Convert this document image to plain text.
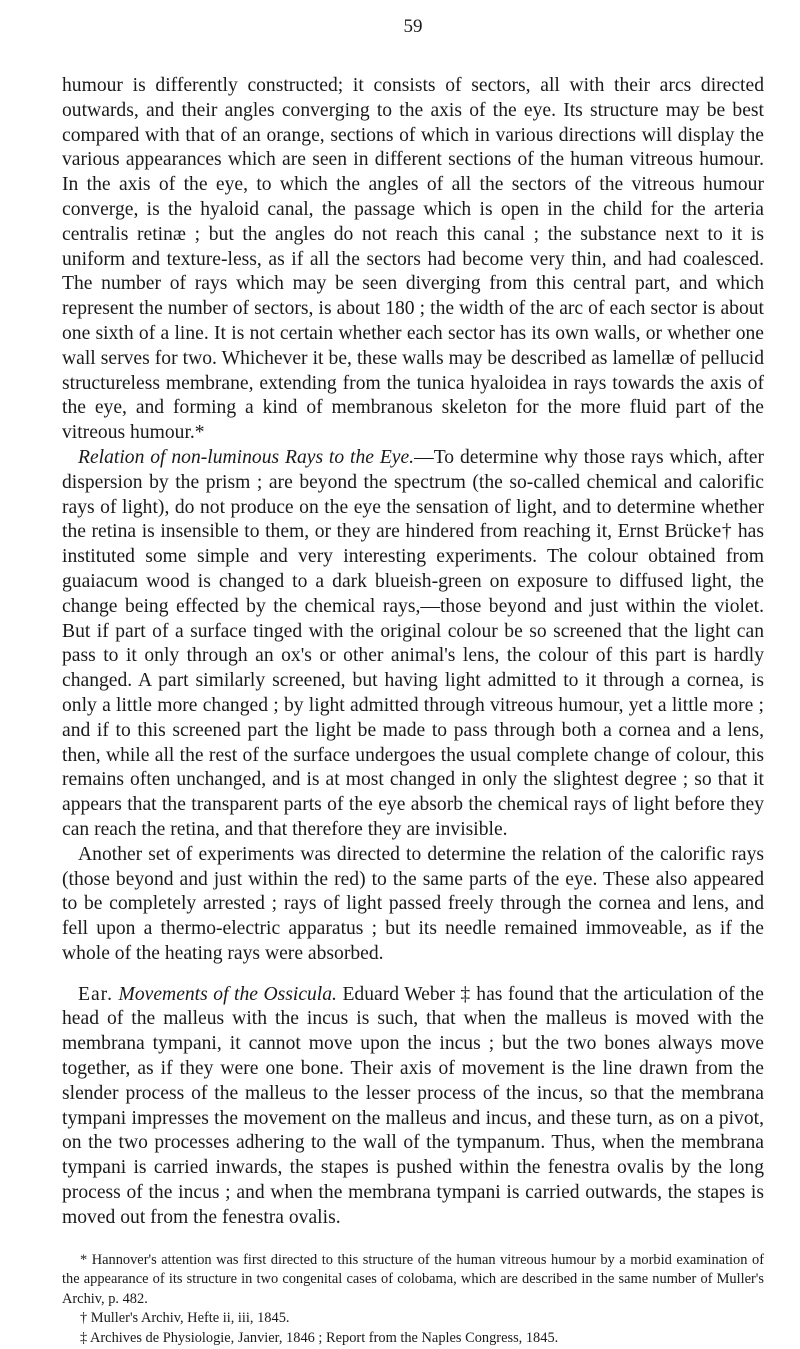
59

humour is differently constructed; it consists of sectors, all with their arcs directed outwards, and their angles converging to the axis of the eye. Its structure may be best compared with that of an orange, sections of which in various directions will display the various appearances which are seen in different sections of the human vitreous humour. In the axis of the eye, to which the angles of all the sectors of the vitreous humour converge, is the hyaloid canal, the passage which is open in the child for the arteria centralis retinæ ; but the angles do not reach this canal ; the substance next to it is uniform and texture-less, as if all the sectors had become very thin, and had coalesced. The number of rays which may be seen diverging from this central part, and which represent the number of sectors, is about 180 ; the width of the arc of each sector is about one sixth of a line. It is not certain whether each sector has its own walls, or whether one wall serves for two. Whichever it be, these walls may be described as lamellæ of pellucid structureless membrane, extending from the tunica hyaloidea in rays towards the axis of the eye, and forming a kind of membranous skeleton for the more fluid part of the vitreous humour.*

Relation of non-luminous Rays to the Eye.—To determine why those rays which, after dispersion by the prism ; are beyond the spectrum (the so-called chemical and calorific rays of light), do not produce on the eye the sensation of light, and to determine whether the retina is insensible to them, or they are hindered from reaching it, Ernst Brücke† has instituted some simple and very interesting experiments. The colour obtained from guaiacum wood is changed to a dark blueish-green on exposure to diffused light, the change being effected by the chemical rays,—those beyond and just within the violet. But if part of a surface tinged with the original colour be so screened that the light can pass to it only through an ox's or other animal's lens, the colour of this part is hardly changed. A part similarly screened, but having light admitted to it through a cornea, is only a little more changed ; by light admitted through vitreous humour, yet a little more ; and if to this screened part the light be made to pass through both a cornea and a lens, then, while all the rest of the surface undergoes the usual complete change of colour, this remains often unchanged, and is at most changed in only the slightest degree ; so that it appears that the transparent parts of the eye absorb the chemical rays of light before they can reach the retina, and that therefore they are invisible.

Another set of experiments was directed to determine the relation of the calorific rays (those beyond and just within the red) to the same parts of the eye. These also appeared to be completely arrested ; rays of light passed freely through the cornea and lens, and fell upon a thermo-electric apparatus ; but its needle remained immoveable, as if the whole of the heating rays were absorbed.

Ear. Movements of the Ossicula. Eduard Weber ‡ has found that the articulation of the head of the malleus with the incus is such, that when the malleus is moved with the membrana tympani, it cannot move upon the incus ; but the two bones always move together, as if they were one bone. Their axis of movement is the line drawn from the slender process of the malleus to the lesser process of the incus, so that the membrana tympani impresses the movement on the malleus and incus, and these turn, as on a pivot, on the two processes adhering to the wall of the tympanum. Thus, when the membrana tympani is carried inwards, the stapes is pushed within the fenestra ovalis by the long process of the incus ; and when the membrana tympani is carried outwards, the stapes is moved out from the fenestra ovalis.

* Hannover's attention was first directed to this structure of the human vitreous humour by a morbid examination of the appearance of its structure in two congenital cases of colobama, which are described in the same number of Muller's Archiv, p. 482.

† Muller's Archiv, Hefte ii, iii, 1845.

‡ Archives de Physiologie, Janvier, 1846 ; Report from the Naples Congress, 1845.
